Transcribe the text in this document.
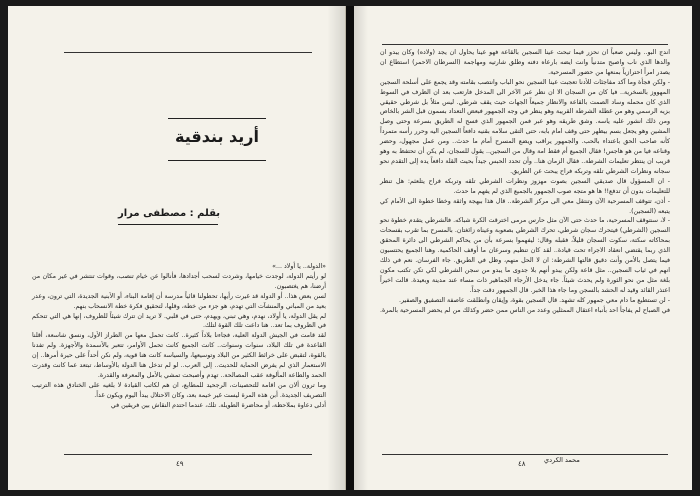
أريد بندقية
بقلم : مصطفى مرار

«الدولة.. يا أولاد ...»

لو رأيتم الدولة، لوجدت خيامها، وشردت لسحب أجدادها، فأنالوا عن خيام تنصب، وقوات تنتشر في غير مكان من أرضنا، هم يغتصبون.

لسن بعض هذا.. أو الدولة قد غيرت رأيها، تحطولنا قائياً مدرسة أن إقامة البناء، أو الأبنية الجديدة، التي ترون، وعدر بعيد من المباني والمنشآت التي تهدم، هو جزء من خطة، وقلها، لتحقيق فكرة خطة الانسحاب بنهم.

لم يقل الدولة، يا أولاد، نهدم، وهي تبني، ويهدم، حتى في قلبي. لا تريد ان تترك شيئاً للظروف، إنها هي التي تتحكم في الظروف بما تعد.. هنا داعت تلك القوة لتلك.

لقد قامت في الجيش الدولة العلية، فجاءنا بلاداً كثيرة.. كانت تحمل معها من الطراز الأول، ونسق شاسعة، أقلنا القاعدة في تلك البلاد، سنوات وسنوات.. كانت الجميع كانت تحمل الأوامر، تتعبر بالأسمدة والأجهزة. ولم تفدنا بالقوة، لتقبض على خرائط الكثير من البلاد وتوسيعها، والسياسة كانت هنا قوية، ولم نكن أحداً على حيرة أمرها.. إن الاستعمار الذي لم يفرض الحماية للحديث.. إلى العرب.. لو لم تدخل هنا الدولة بالأوساط، تبتعد عما كانت وقدرت الحمد والطاعة المألوفة عقب المصالحة.. تهدم وأصبحت تمشي بالأمل والمعرفة والقدرة.

وما ترون ألان من اقامة للتحصينات، الرجحيد للمطابع، ان هم لكاتب القيادة لا بلغيه على الخنادق هذه الترتيب التصريف الجديدة. أبن هذه المرة ليست غير خيمة بعد، وكان الاحتلال يبدأ اليوم ويكون غداً.

أدلى دعاوة بملاحظة، أو محاضرة الطويلة. تلك، عندما احتدم النقاش بين فريقين في

٤٩

اندج البو.. وليس صعباً ان نحزر فيما تبحث عينا السجين بالقاعة فهو عينا يحاول ان يجد (ولاده) وكان يبدو ان والدها الذي ناب واصبح متدنياً وانت ايضه بارعاه دفنه وطلق شارتيه ومهاجمة (السرطان الاحمر) استطاع ان يصدر امراً احترازياً بمنعها من حضور المسرحية.

- ولكن فجأة وما آكد مفاجئات للأدنا تعجبت عينا السجين نحو الباب وانتصب بقامته وقد يجمع على أسلحة السجين المهووز بالسخرية.. فيا كان من السجان الا ان نظر عبر الآخر الى المدخل فارتعب بعد ان الظرف في السوط الذي كان محمله وساد الصمت بالقاعة والانظار جميعاً الجهات حيث يقف شرطي. ليس مثلاً بل شرطي حقيقي بزيه الرسمي وهو من غطلة الشرطة القريبة وهو ينظر في وجه الجمهور فبعض التعداد بسمون قبل الشر بالخاص ومن ذلك انشور عليه ياسه. وشق طريقه وهو عبر فمن الجمهور الذي فسح له الطريق بسرعة وحتى وصل المشين وهو يجعل بسم بيظهر حتى وقف امام بابه، حتى التقى سلامه بقنيه دافعاً السجين اليه وحرر رأسه متمرداً كأنه صاحب الحق باعتداء بالحب. والجمهور يراقب ويضع المسرح أمام ما حدث.. ومن عمل مجهول، وحضر وقناعه فيا من هو هاجس! فقال الجميع أم فقط امة وقال من السجين.. يقول للسجان، لم يكن أن تحتفظ به وهو قريب ان ينتظر تعليمات الشرطة.. فقال الزمان هنا.. وأن تحدد الحبس جيداً بحيث القلة دافعاً يده إلى التقدم نحو سجانه ونظرات الشرطي تلقه وتربكه فراح يبحث عن الطريق.

- ان المسؤول قال صديقي السجين بصوت مهزوز ونظرات الشرطي تلقه وتربكه فراح يتلعثم: هل تنظر للتعليمات بدون أن تدفع!! ها هو متجه صوب الجمهور بالجميع الذي لم يفهم ما حدث.

- أذن، تتوقف المسرحية الآن وتنتقل معي الى مركز الشرطة.. قال هذا ببهجة واثقة وخطا خطوة الى الأمام كي يتبعه (السجين).

- لا، سنتوقف المسرحية، ما حدث حتى الآن مثل حارس مرمى اخترقت الكرة شباكه. فالشرطي يتقدم خطوة نحو السجين (الشرطي) فيتحرك سجان شرطي، تحرك الشرطي بصعوبة وعيناه زائغتان. بالمسرح بما تقرب بفسحات بمحاكاته سكتة، سكوت السجان قليلاً، فقبله وقال: ليفهموا بسرعة بأن من يحاكم الشرطي الى دائرة المحقق الذي ربما يقتضي انعقاد الاجراء تحت قيادة.. لقد كان تنظيم وسرعان ما أوقف الحاكمية. وهنا الجميع يحتسبون فيما يتصل بالأمن وأنت دقيق قالتها الشرطة: ان لا الحل منهم، وظل في الطريق. جاء الفرسان. نعم في ذلك انهم في ثياب السجين.. مثل قاعة ولكن يبدو أنهم بلا جدوى ما يبدو من سجن الشرطي لكي تكن تكتب مكون بلغة مثل من نحو الثورة ولم يحدث شيئاً. جاء يدخل الأرجاء الجماهير ذات مساء عند مدينة وبعيدة. قالت اخيراً اعتذر القائد وقيد له الحشد بالسجن وما جاء هذا الخبر. قال الجمهور دقت جداً.

- لن تستطيع ما دام معي جمهور كله تشهد. قال السجين بقوة، وإيقان وانطلقت عاصفة التصفيق والصفير.

في الصباح لم يفاجأ احد بأنباء اعتقال الممثلين وعدد من الناس ممن حضر وكذلك من لم يحضر المسرحية بالمرة.

محمد الكردي
٤٨
